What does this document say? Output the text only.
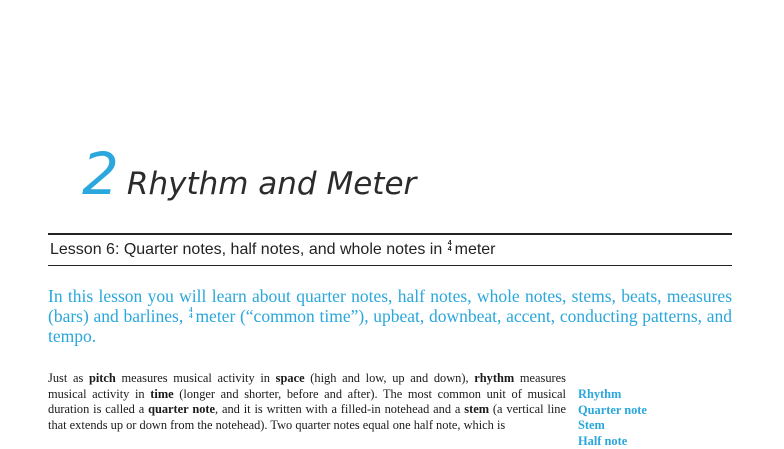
2 Rhythm and Meter
Lesson 6: Quarter notes, half notes, and whole notes in 4
4 meter
In this lesson you will learn about quarter notes, half notes, whole notes, stems, beats, measures (bars) and barlines, 4
4 meter (“common time”), upbeat, downbeat, accent, conducting patterns, and tempo.
Just as pitch measures musical activity in space (high and low, up and down), rhythm measures musical activity in time (longer and shorter, before and after). The most common unit of musical duration is called a quarter note, and it is written with a filled-in notehead and a stem (a vertical line that extends up or down from the notehead). Two quarter notes equal one half note, which is
Rhythm
Quarter note
Stem
Half note
